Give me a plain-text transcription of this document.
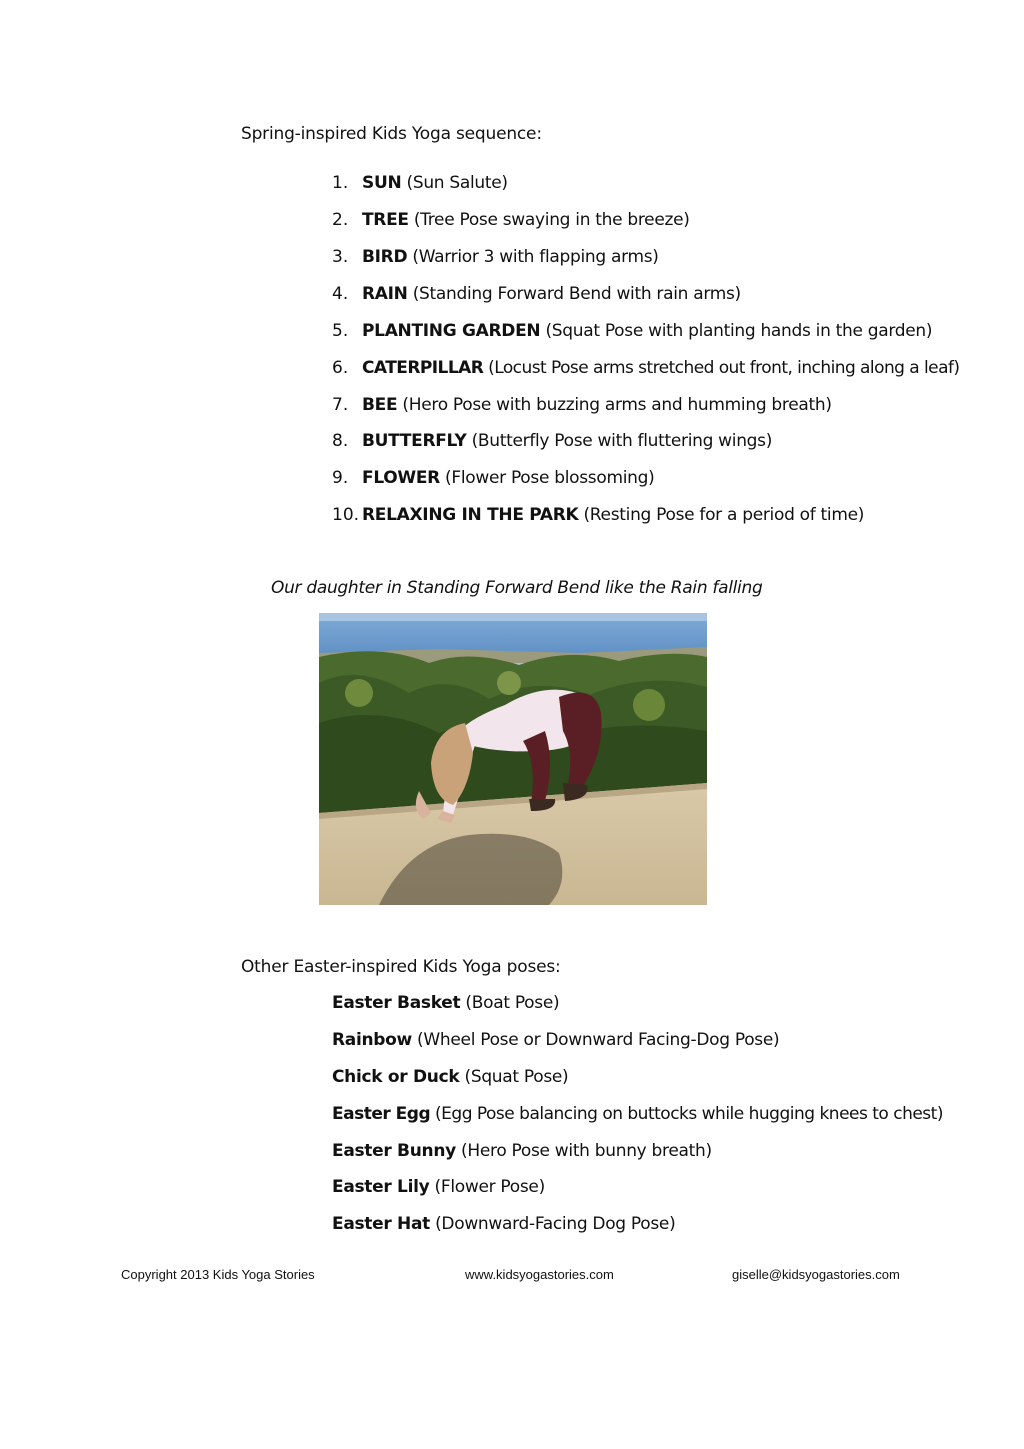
Spring-inspired Kids Yoga sequence:
1. SUN (Sun Salute)
2. TREE (Tree Pose swaying in the breeze)
3. BIRD (Warrior 3 with flapping arms)
4. RAIN (Standing Forward Bend with rain arms)
5. PLANTING GARDEN (Squat Pose with planting hands in the garden)
6. CATERPILLAR (Locust Pose arms stretched out front, inching along a leaf)
7. BEE (Hero Pose with buzzing arms and humming breath)
8. BUTTERFLY (Butterfly Pose with fluttering wings)
9. FLOWER (Flower Pose blossoming)
10. RELAXING IN THE PARK (Resting Pose for a period of time)
Our daughter in Standing Forward Bend like the Rain falling
Other Easter-inspired Kids Yoga poses:
Easter Basket (Boat Pose)
Rainbow (Wheel Pose or Downward Facing-Dog Pose)
Chick or Duck (Squat Pose)
Easter Egg (Egg Pose balancing on buttocks while hugging knees to chest)
Easter Bunny (Hero Pose with bunny breath)
Easter Lily (Flower Pose)
Easter Hat (Downward-Facing Dog Pose)
Copyright 2013 Kids Yoga Stories	www.kidsyogastories.com	giselle@kidsyogastories.com
